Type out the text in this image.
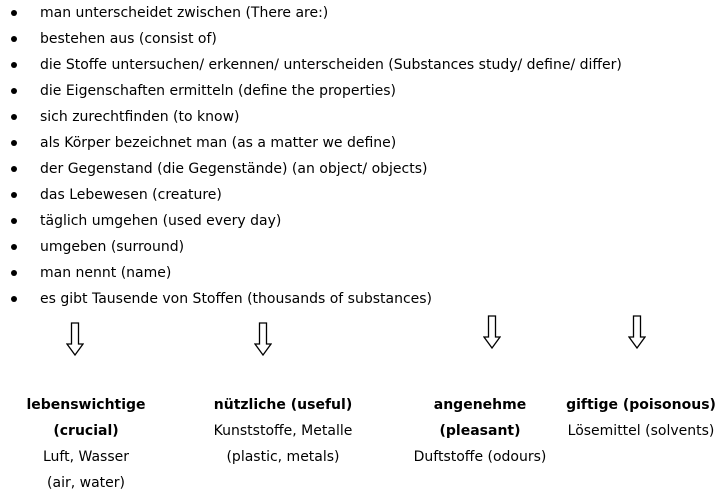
man unterscheidet zwischen (There are:)
bestehen aus (consist of)
die Stoffe untersuchen/ erkennen/ unterscheiden (Substances study/ define/ differ)
die Eigenschaften ermitteln (define the properties)
sich zurechtfinden (to know)
als Körper bezeichnet man (as a matter we define)
der Gegenstand (die Gegenstände) (an object/ objects)
das Lebewesen (creature)
täglich umgehen (used every day)
umgeben (surround)
man nennt (name)
es gibt Tausende von Stoffen (thousands of substances)
lebenswichtige
(crucial)
Luft, Wasser
(air, water)
nützliche (useful)
Kunststoffe, Metalle
(plastic, metals)
angenehme
(pleasant)
Duftstoffe (odours)
giftige (poisonous)
Lösemittel (solvents)
